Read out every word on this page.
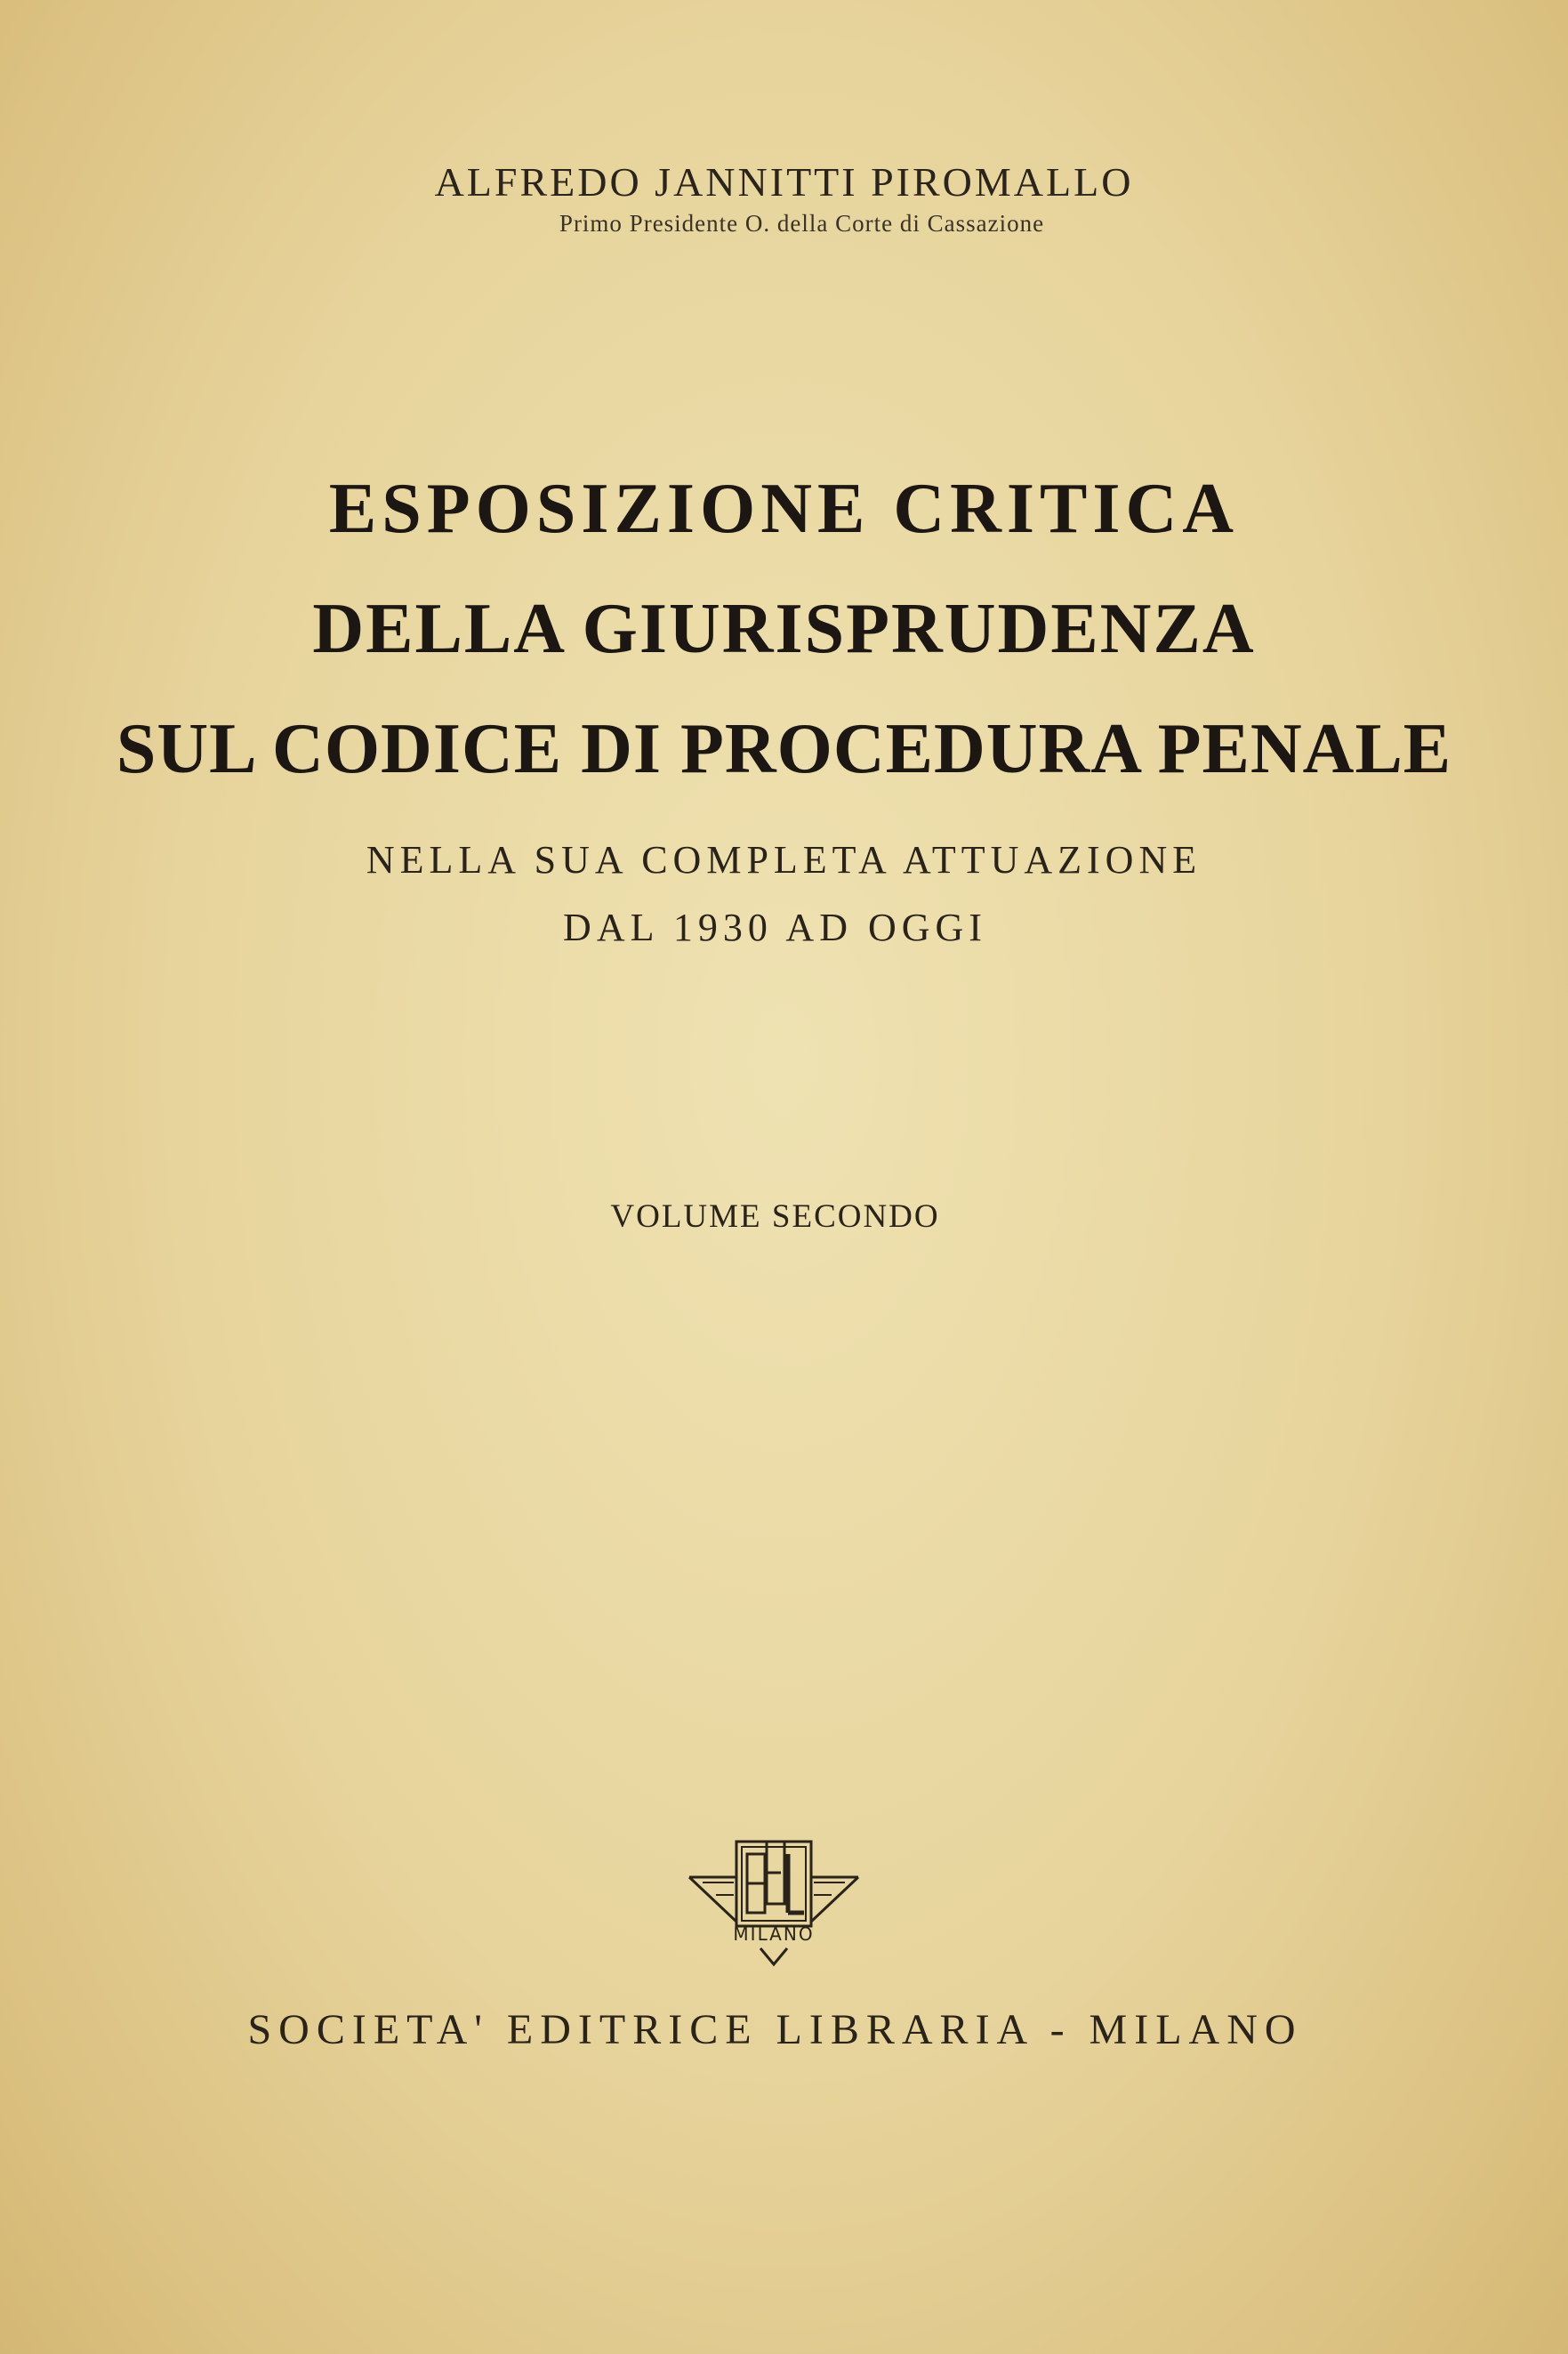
ALFREDO JANNITTI PIROMALLO

Primo Presidente O. della Corte di Cassazione

ESPOSIZIONE CRITICA
DELLA GIURISPRUDENZA
SUL CODICE DI PROCEDURA PENALE

NELLA SUA COMPLETA ATTUAZIONE

DAL 1930 AD OGGI

VOLUME SECONDO

MILANO

SOCIETA' EDITRICE LIBRARIA - MILANO
